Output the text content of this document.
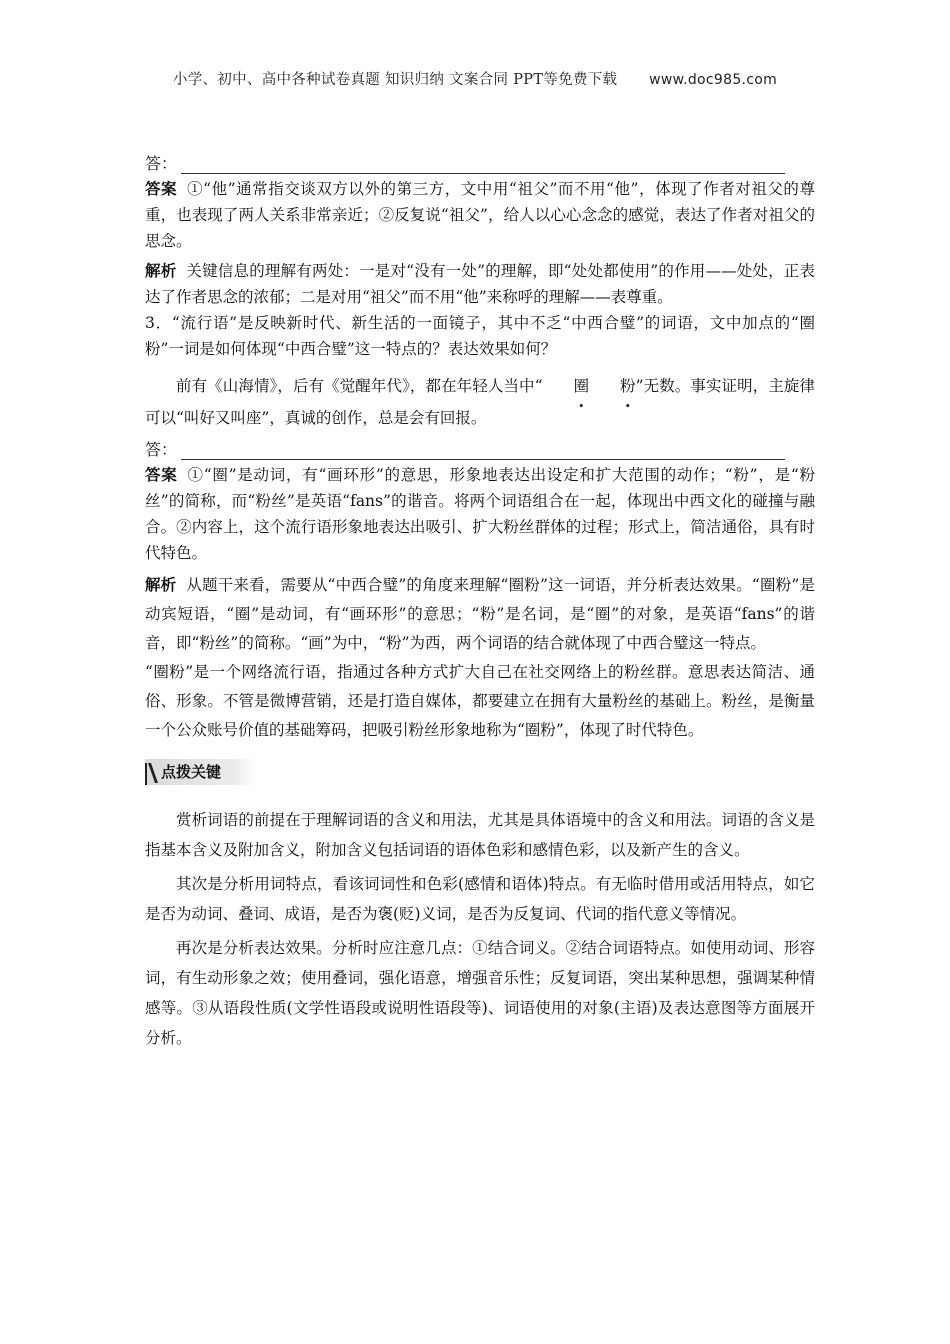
小学、初中、高中各种试卷真题 知识归纳 文案合同 PPT等免费下载 www.doc985.com
答：

答案 ①“他”通常指交谈双方以外的第三方，文中用“祖父”而不用“他”，体现了作者对祖父的尊重，也表现了两人关系非常亲近；②反复说“祖父”，给人以心心念念的感觉，表达了作者对祖父的思念。

解析 关键信息的理解有两处：一是对“没有一处”的理解，即“处处都使用”的作用——处处，正表达了作者思念的浓郁；二是对用“祖父”而不用“他”来称呼的理解——表尊重。

3．“流行语”是反映新时代、新生活的一面镜子，其中不乏“中西合璧”的词语，文中加点的“圈粉”一词是如何体现“中西合璧”这一特点的？表达效果如何？

前有《山海情》，后有《觉醒年代》，都在年轻人当中“ 圈 粉”无数。事实证明，主旋律可以“叫好又叫座”，真诚的创作，总是会有回报。

答：

答案 ①“圈”是动词，有“画环形”的意思，形象地表达出设定和扩大范围的动作；“粉”，是“粉丝”的简称，而“粉丝”是英语“fans”的谐音。将两个词语组合在一起，体现出中西文化的碰撞与融合。②内容上，这个流行语形象地表达出吸引、扩大粉丝群体的过程；形式上，简洁通俗，具有时代特色。

解析 从题干来看，需要从“中西合璧”的角度来理解“圈粉”这一词语，并分析表达效果。“圈粉”是动宾短语，“圈”是动词，有“画环形”的意思；“粉”是名词，是“圈”的对象，是英语“fans”的谐音，即“粉丝”的简称。“画”为中，“粉”为西，两个词语的结合就体现了中西合璧这一特点。

“圈粉”是一个网络流行语，指通过各种方式扩大自己在社交网络上的粉丝群。意思表达简洁、通俗、形象。不管是微博营销，还是打造自媒体，都要建立在拥有大量粉丝的基础上。粉丝，是衡量一个公众账号价值的基础筹码，把吸引粉丝形象地称为“圈粉”，体现了时代特色。

点拨关键

赏析词语的前提在于理解词语的含义和用法，尤其是具体语境中的含义和用法。词语的含义是指基本含义及附加含义，附加含义包括词语的语体色彩和感情色彩，以及新产生的含义。

其次是分析用词特点，看该词词性和色彩(感情和语体)特点。有无临时借用或活用特点，如它是否为动词、叠词、成语，是否为褒(贬)义词，是否为反复词、代词的指代意义等情况。

再次是分析表达效果。分析时应注意几点：①结合词义。②结合词语特点。如使用动词、形容词，有生动形象之效；使用叠词，强化语意，增强音乐性；反复词语，突出某种思想，强调某种情感等。③从语段性质(文学性语段或说明性语段等)、词语使用的对象(主语)及表达意图等方面展开分析。
